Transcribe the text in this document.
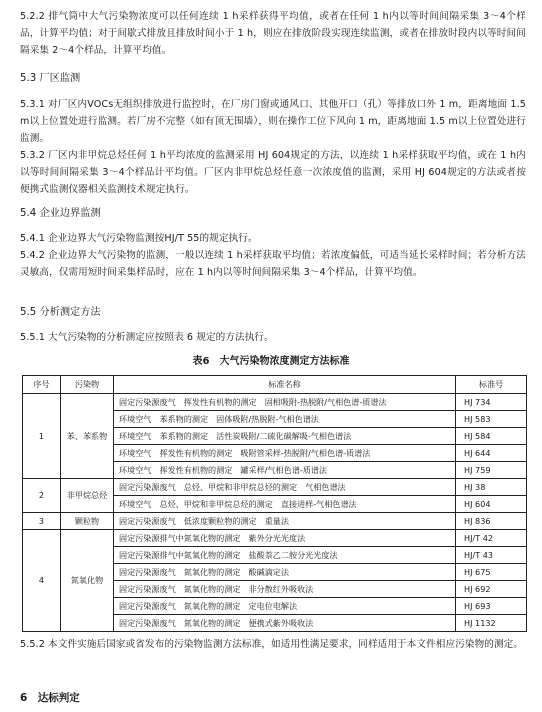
5.2.2 排气筒中大气污染物浓度可以任何连续 1 h采样获得平均值，或者在任何 1 h内以等时间间隔采集 3～4个样品，计算平均值；对于间歇式排放且排放时间小于 1 h，则应在排放阶段实现连续监测，或者在排放时段内以等时间间隔采集 2～4个样品，计算平均值。
5.3 厂区监测
5.3.1 对厂区内VOCs无组织排放进行监控时，在厂房门窗或通风口、其他开口（孔）等排放口外 1 m，距离地面 1.5 m以上位置处进行监测。若厂房不完整（如有顶无围墙），则在操作工位下风向 1 m，距离地面 1.5 m以上位置处进行监测。
5.3.2 厂区内非甲烷总烃任何 1 h平均浓度的监测采用 HJ 604规定的方法，以连续 1 h采样获取平均值，或在 1 h内以等时间间隔采集 3～4个样品计平均值。厂区内非甲烷总烃任意一次浓度值的监测，采用 HJ 604规定的方法或者按便携式监测仪器相关监测技术规定执行。
5.4 企业边界监测
5.4.1 企业边界大气污染物监测按HJ/T 55的规定执行。
5.4.2 企业边界大气污染物的监测，一般以连续 1 h采样获取平均值；若浓度偏低，可适当延长采样时间；若分析方法灵敏高，仅需用短时间采集样品时，应在 1 h内以等时间间隔采集 3～4个样品，计算平均值。
5.5 分析测定方法
5.5.1 大气污染物的分析测定应按照表 6 规定的方法执行。
表6　大气污染物浓度测定方法标准
序号	污染物	标准名称	标准号
1	苯、苯系物	固定污染源废气　挥发性有机物的测定　固相吸附-热脱附/气相色谱-质谱法	HJ 734
		环境空气　苯系物的测定　固体吸附/热脱附-气相色谱法	HJ 583
		环境空气　苯系物的测定　活性炭吸附/二硫化碳解吸-气相色谱法	HJ 584
		环境空气　挥发性有机物的测定　吸附管采样-热脱附/气相色谱-质谱法	HJ 644
		环境空气　挥发性有机物的测定　罐采样/气相色谱-质谱法	HJ 759
2	非甲烷总烃	固定污染源废气　总烃、甲烷和非甲烷总烃的测定　气相色谱法	HJ 38
		环境空气　总烃、甲烷和非甲烷总烃的测定　直接进样-气相色谱法	HJ 604
3	颗粒物	固定污染源废气　低浓度颗粒物的测定　重量法	HJ 836
4	氮氧化物	固定污染源排气中氮氧化物的测定　紫外分光光度法	HJ/T 42
		固定污染源排气中氮氧化物的测定　盐酸萘乙二胺分光光度法	HJ/T 43
		固定污染源废气　氮氧化物的测定　酸碱滴定法	HJ 675
		固定污染源废气　氮氧化物的测定　非分散红外吸收法	HJ 692
		固定污染源废气　氮氧化物的测定　定电位电解法	HJ 693
		固定污染源废气　氮氧化物的测定　便携式紫外吸收法	HJ 1132
5.5.2 本文件实施后国家或省发布的污染物监测方法标准，如适用性满足要求，同样适用于本文件相应污染物的测定。
6　达标判定
